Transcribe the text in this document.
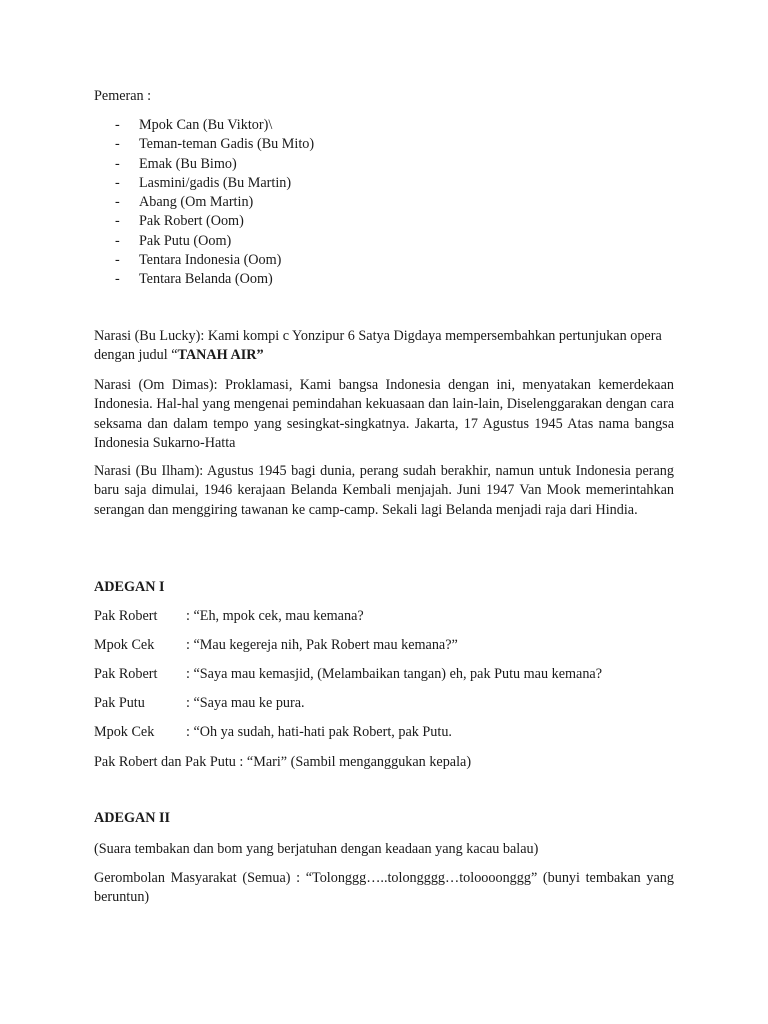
Pemeran :
- Mpok Can (Bu Viktor)\
- Teman-teman Gadis (Bu Mito)
- Emak (Bu Bimo)
- Lasmini/gadis (Bu Martin)
- Abang (Om Martin)
- Pak Robert (Oom)
- Pak Putu (Oom)
- Tentara Indonesia (Oom)
- Tentara Belanda (Oom)
Narasi (Bu Lucky): Kami kompi c Yonzipur 6 Satya Digdaya mempersembahkan pertunjukan opera dengan judul “TANAH AIR”
Narasi (Om Dimas): Proklamasi, Kami bangsa Indonesia dengan ini, menyatakan kemerdekaan Indonesia. Hal-hal yang mengenai pemindahan kekuasaan dan lain-lain, Diselenggarakan dengan cara seksama dan dalam tempo yang sesingkat-singkatnya. Jakarta, 17 Agustus 1945 Atas nama bangsa Indonesia Sukarno-Hatta
Narasi (Bu Ilham): Agustus 1945 bagi dunia, perang sudah berakhir, namun untuk Indonesia perang baru saja dimulai, 1946 kerajaan Belanda Kembali menjajah. Juni 1947 Van Mook memerintahkan serangan dan menggiring tawanan ke camp-camp. Sekali lagi Belanda menjadi raja dari Hindia.
ADEGAN I
Pak Robert : “Eh, mpok cek, mau kemana?
Mpok Cek : “Mau kegereja nih, Pak Robert mau kemana?”
Pak Robert : “Saya mau kemasjid, (Melambaikan tangan) eh, pak Putu mau kemana?
Pak Putu	: “Saya mau ke pura.
Mpok Cek : “Oh ya sudah, hati-hati pak Robert, pak Putu.
Pak Robert dan Pak Putu : “Mari” (Sambil menganggukan kepala)
ADEGAN II
(Suara tembakan dan bom yang berjatuhan dengan keadaan yang kacau balau)
Gerombolan Masyarakat (Semua) : “Tolonggg…..tolongggg…toloooonggg” (bunyi tembakan yang beruntun)
